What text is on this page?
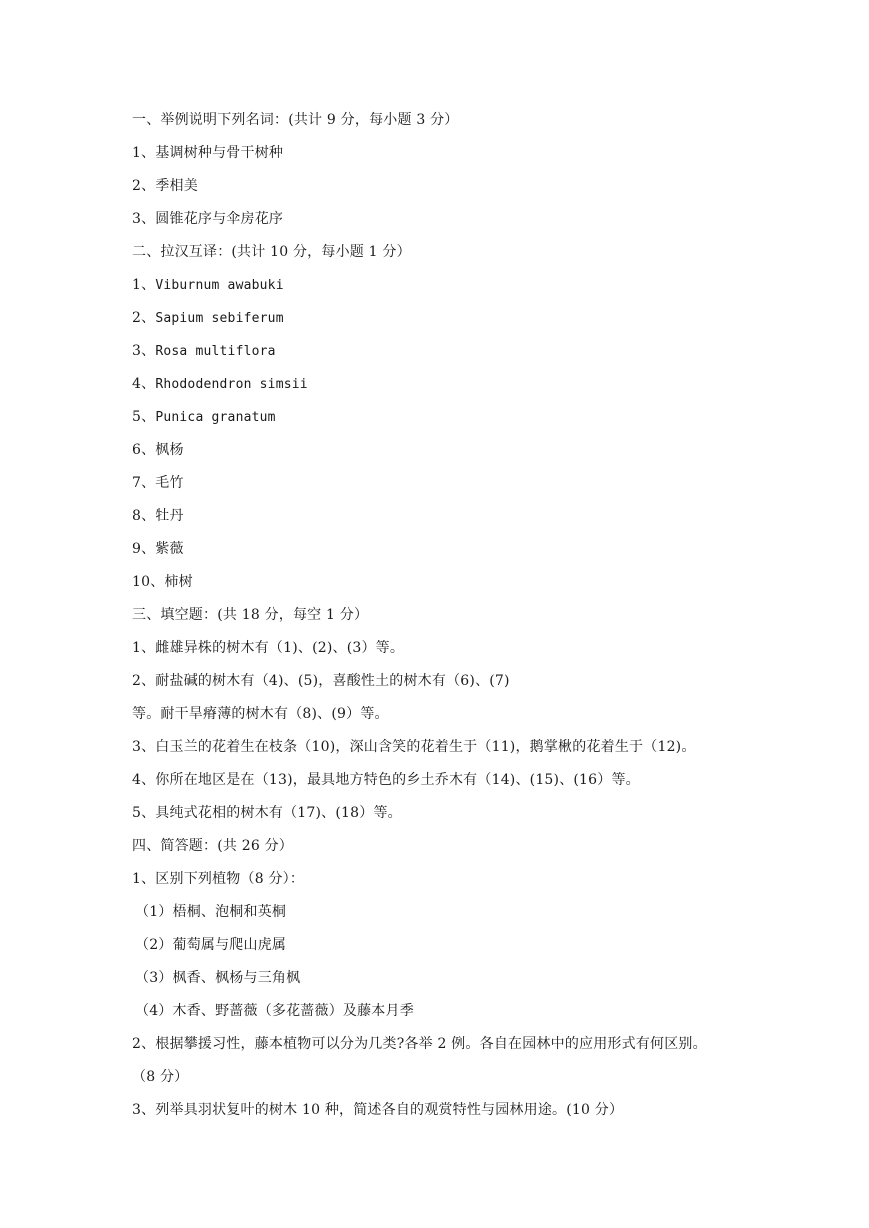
一、举例说明下列名词：(共计 9 分，每小题 3 分）
1、基调树种与骨干树种
2、季相美
3、圆锥花序与伞房花序
二、拉汉互译：(共计 10 分，每小题 1 分）
1、Viburnum awabuki
2、Sapium sebiferum
3、Rosa multiflora
4、Rhododendron simsii
5、Punica granatum
6、枫杨
7、毛竹
8、牡丹
9、紫薇
10、柿树
三、填空题：(共 18 分，每空 1 分）
1、雌雄异株的树木有（1)、(2)、(3）等。
2、耐盐碱的树木有（4)、(5)，喜酸性土的树木有（6)、(7)
等。耐干旱瘠薄的树木有（8)、(9）等。
3、白玉兰的花着生在枝条（10)，深山含笑的花着生于（11)，鹅掌楸的花着生于（12)。
4、你所在地区是在（13)，最具地方特色的乡土乔木有（14)、(15)、(16）等。
5、具纯式花相的树木有（17)、(18）等。
四、简答题：(共 26 分）
1、区别下列植物（8 分）：
（1）梧桐、泡桐和英桐
（2）葡萄属与爬山虎属
（3）枫香、枫杨与三角枫
（4）木香、野蔷薇（多花蔷薇）及藤本月季
2、根据攀援习性，藤本植物可以分为几类?各举 2 例。各自在园林中的应用形式有何区别。
（8 分）
3、列举具羽状复叶的树木 10 种，简述各自的观赏特性与园林用途。(10 分）
